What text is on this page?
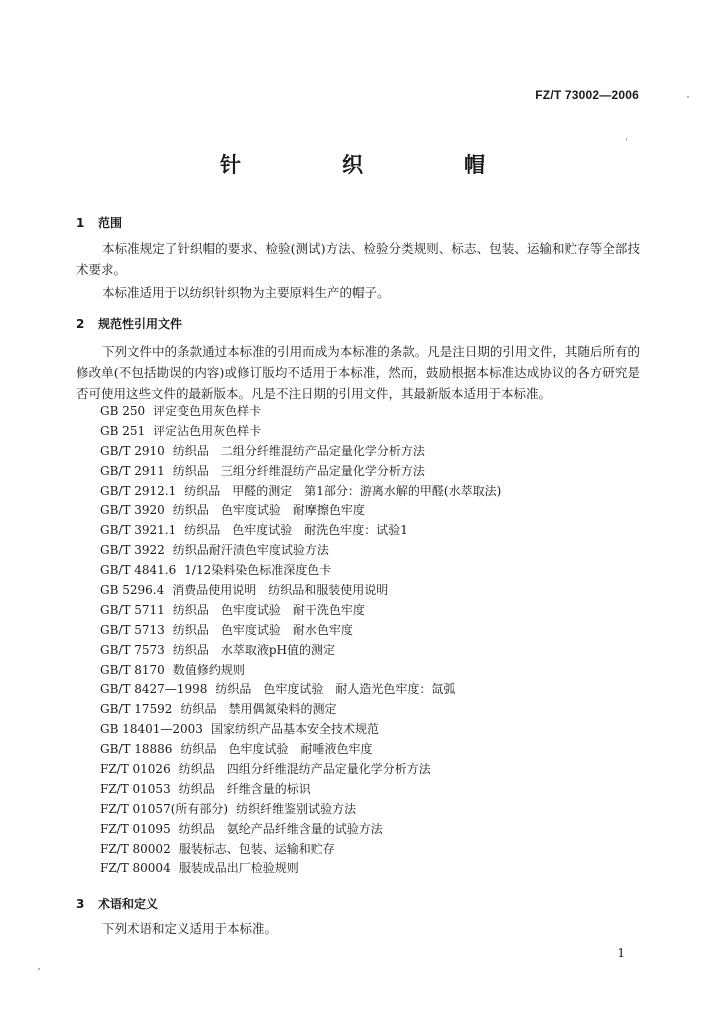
FZ/T 73002—2006
针　织　帽
1 范围
本标准规定了针织帽的要求、检验(测试)方法、检验分类规则、标志、包装、运输和贮存等全部技术要求。
本标准适用于以纺织针织物为主要原料生产的帽子。
2 规范性引用文件
下列文件中的条款通过本标准的引用而成为本标准的条款。凡是注日期的引用文件，其随后所有的修改单(不包括勘误的内容)或修订版均不适用于本标准，然而，鼓励根据本标准达成协议的各方研究是否可使用这些文件的最新版本。凡是不注日期的引用文件，其最新版本适用于本标准。
GB 250 评定变色用灰色样卡
GB 251 评定沾色用灰色样卡
GB/T 2910 纺织品　二组分纤维混纺产品定量化学分析方法
GB/T 2911 纺织品　三组分纤维混纺产品定量化学分析方法
GB/T 2912.1 纺织品　甲醛的测定　第1部分：游离水解的甲醛(水萃取法)
GB/T 3920 纺织品　色牢度试验　耐摩擦色牢度
GB/T 3921.1 纺织品　色牢度试验　耐洗色牢度：试验1
GB/T 3922 纺织品耐汗渍色牢度试验方法
GB/T 4841.6 1/12染料染色标准深度色卡
GB 5296.4 消费品使用说明　纺织品和服装使用说明
GB/T 5711 纺织品　色牢度试验　耐干洗色牢度
GB/T 5713 纺织品　色牢度试验　耐水色牢度
GB/T 7573 纺织品　水萃取液pH值的测定
GB/T 8170 数值修约规则
GB/T 8427—1998 纺织品　色牢度试验　耐人造光色牢度：氙弧
GB/T 17592 纺织品　禁用偶氮染料的测定
GB 18401—2003 国家纺织产品基本安全技术规范
GB/T 18886 纺织品　色牢度试验　耐唾液色牢度
FZ/T 01026 纺织品　四组分纤维混纺产品定量化学分析方法
FZ/T 01053 纺织品　纤维含量的标识
FZ/T 01057(所有部分) 纺织纤维鉴别试验方法
FZ/T 01095 纺织品　氨纶产品纤维含量的试验方法
FZ/T 80002 服装标志、包装、运输和贮存
FZ/T 80004 服装成品出厂检验规则
3 术语和定义
下列术语和定义适用于本标准。
1
